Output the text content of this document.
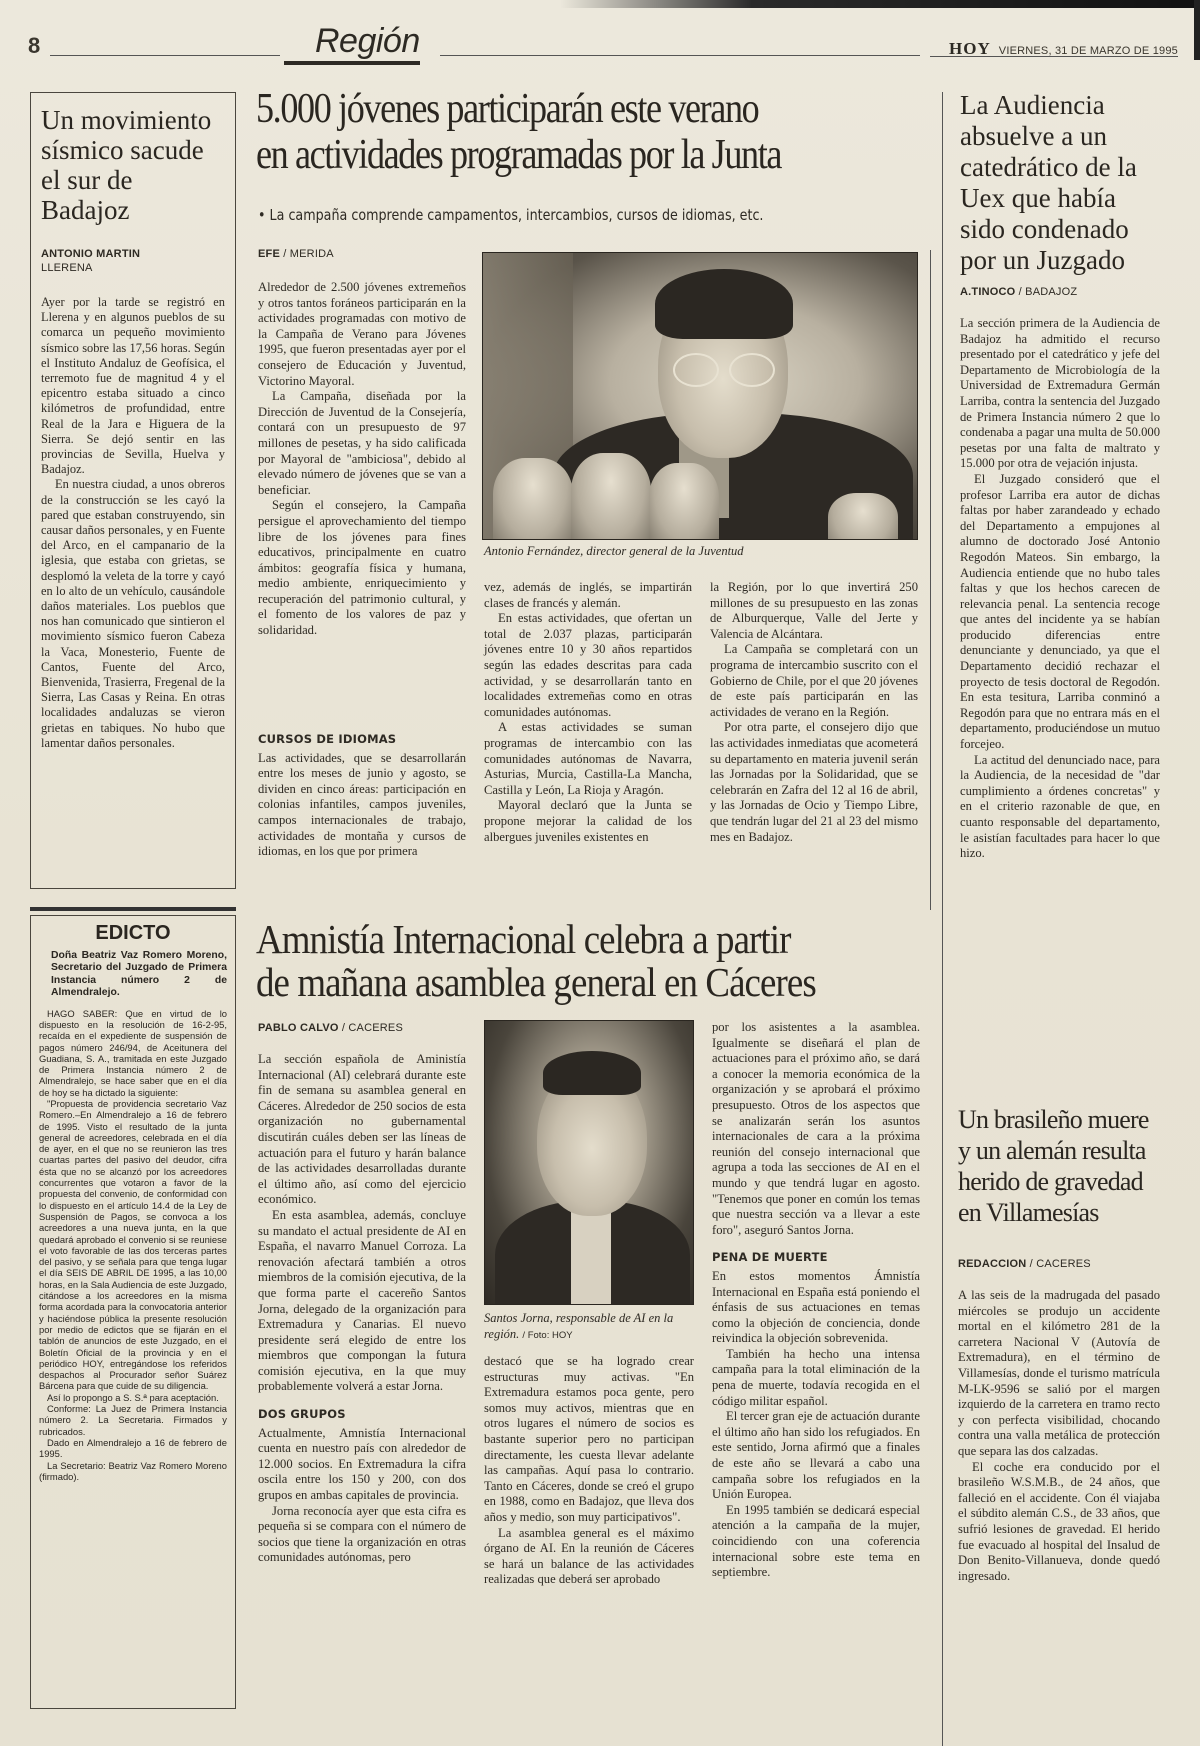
8	Región	HOY VIERNES, 31 DE MARZO DE 1995
Un movimiento sísmico sacude el sur de Badajoz
ANTONIO MARTIN
LLERENA

Ayer por la tarde se registró en Llerena y en algunos pueblos de su comarca un pequeño movimiento sísmico sobre las 17,56 horas. Según el Instituto Andaluz de Geofísica, el terremoto fue de magnitud 4 y el epicentro estaba situado a cinco kilómetros de profundidad, entre Real de la Jara e Higuera de la Sierra. Se dejó sentir en las provincias de Sevilla, Huelva y Badajoz.

En nuestra ciudad, a unos obreros de la construcción se les cayó la pared que estaban construyendo, sin causar daños personales, y en Fuente del Arco, en el campanario de la iglesia, que estaba con grietas, se desplomó la veleta de la torre y cayó en lo alto de un vehículo, causándole daños materiales. Los pueblos que nos han comunicado que sintieron el movimiento sísmico fueron Cabeza la Vaca, Monesterio, Fuente de Cantos, Fuente del Arco, Bienvenida, Trasierra, Fregenal de la Sierra, Las Casas y Reina. En otras localidades andaluzas se vieron grietas en tabiques. No hubo que lamentar daños personales.

EDICTO
Doña Beatriz Vaz Romero Moreno, Secretario del Juzgado de Primera Instancia número 2 de Almendralejo.

HAGO SABER: Que en virtud de lo dispuesto en la resolución de 16-2-95, recaída en el expediente de suspensión de pagos número 246/94, de Aceitunera del Guadiana, S. A., tramitada en este Juzgado de Primera Instancia número 2 de Almendralejo, se hace saber que en el día de hoy se ha dictado la siguiente:

"Propuesta de providencia secretario Vaz Romero.–En Almendralejo a 16 de febrero de 1995. Visto el resultado de la junta general de acreedores, celebrada en el día de ayer, en el que no se reunieron las tres cuartas partes del pasivo del deudor, cifra ésta que no se alcanzó por los acreedores concurrentes que votaron a favor de la propuesta del convenio, de conformidad con lo dispuesto en el artículo 14.4 de la Ley de Suspensión de Pagos, se convoca a los acreedores a una nueva junta, en la que quedará aprobado el convenio si se reuniese el voto favorable de las dos terceras partes del pasivo, y se señala para que tenga lugar el día SEIS DE ABRIL DE 1995, a las 10,00 horas, en la Sala Audiencia de este Juzgado, citándose a los acreedores en la misma forma acordada para la convocatoria anterior y haciéndose pública la presente resolución por medio de edictos que se fijarán en el tablón de anuncios de este Juzgado, en el Boletín Oficial de la provincia y en el periódico HOY, entregándose los referidos despachos al Procurador señor Suárez Bárcena para que cuide de su diligencia.

Así lo propongo a S. S.ª para aceptación.

Conforme: La Juez de Primera Instancia número 2. La Secretaria. Firmados y rubricados.

Dado en Almendralejo a 16 de febrero de 1995.

La Secretario: Beatriz Vaz Romero Moreno (firmado).

5.000 jóvenes participarán este verano
en actividades programadas por la Junta
• La campaña comprende campamentos, intercambios, cursos de idiomas, etc.
EFE / MERIDA

Alrededor de 2.500 jóvenes extremeños y otros tantos foráneos participarán en la actividades programadas con motivo de la Campaña de Verano para Jóvenes 1995, que fueron presentadas ayer por el consejero de Educación y Juventud, Victorino Mayoral.

La Campaña, diseñada por la Dirección de Juventud de la Consejería, contará con un presupuesto de 97 millones de pesetas, y ha sido calificada por Mayoral de "ambiciosa", debido al elevado número de jóvenes que se van a beneficiar.

Según el consejero, la Campaña persigue el aprovechamiento del tiempo libre de los jóvenes para fines educativos, principalmente en cuatro ámbitos: geografía física y humana, medio ambiente, enriquecimiento y recuperación del patrimonio cultural, y el fomento de los valores de paz y solidaridad.

CURSOS DE IDIOMAS

Las actividades, que se desarrollarán entre los meses de junio y agosto, se dividen en cinco áreas: participación en colonias infantiles, campos juveniles, campos internacionales de trabajo, actividades de montaña y cursos de idiomas, en los que por primera

Antonio Fernández, director general de la Juventud

vez, además de inglés, se impartirán clases de francés y alemán.

En estas actividades, que ofertan un total de 2.037 plazas, participarán jóvenes entre 10 y 30 años repartidos según las edades descritas para cada actividad, y se desarrollarán tanto en localidades extremeñas como en otras comunidades autónomas.

A estas actividades se suman programas de intercambio con las comunidades autónomas de Navarra, Asturias, Murcia, Castilla-La Mancha, Castilla y León, La Rioja y Aragón.

Mayoral declaró que la Junta se propone mejorar la calidad de los albergues juveniles existentes en

la Región, por lo que invertirá 250 millones de su presupuesto en las zonas de Alburquerque, Valle del Jerte y Valencia de Alcántara.

La Campaña se completará con un programa de intercambio suscrito con el Gobierno de Chile, por el que 20 jóvenes de este país participarán en las actividades de verano en la Región.

Por otra parte, el consejero dijo que las actividades inmediatas que acometerá su departamento en materia juvenil serán las Jornadas por la Solidaridad, que se celebrarán en Zafra del 12 al 16 de abril, y las Jornadas de Ocio y Tiempo Libre, que tendrán lugar del 21 al 23 del mismo mes en Badajoz.

Amnistía Internacional celebra a partir
de mañana asamblea general en Cáceres
PABLO CALVO / CACERES

La sección española de Aministía Internacional (AI) celebrará durante este fin de semana su asamblea general en Cáceres. Alrededor de 250 socios de esta organización no gubernamental discutirán cuáles deben ser las líneas de actuación para el futuro y harán balance de las actividades desarrolladas durante el último año, así como del ejercicio económico.

En esta asamblea, además, concluye su mandato el actual presidente de AI en España, el navarro Manuel Corroza. La renovación afectará también a otros miembros de la comisión ejecutiva, de la que forma parte el cacereño Santos Jorna, delegado de la organización para Extremadura y Canarias. El nuevo presidente será elegido de entre los miembros que compongan la futura comisión ejecutiva, en la que muy probablemente volverá a estar Jorna.

DOS GRUPOS

Actualmente, Amnistía Internacional cuenta en nuestro país con alrededor de 12.000 socios. En Extremadura la cifra oscila entre los 150 y 200, con dos grupos en ambas capitales de provincia.

Jorna reconocía ayer que esta cifra es pequeña si se compara con el número de socios que tiene la organización en otras comunidades autónomas, pero

Santos Jorna, responsable de AI en la región. / Foto: HOY

destacó que se ha logrado crear estructuras muy activas. "En Extremadura estamos poca gente, pero somos muy activos, mientras que en otros lugares el número de socios es bastante superior pero no participan directamente, les cuesta llevar adelante las campañas. Aquí pasa lo contrario. Tanto en Cáceres, donde se creó el grupo en 1988, como en Badajoz, que lleva dos años y medio, son muy participativos".

La asamblea general es el máximo órgano de AI. En la reunión de Cáceres se hará un balance de las actividades realizadas que deberá ser aprobado

por los asistentes a la asamblea. Igualmente se diseñará el plan de actuaciones para el próximo año, se dará a conocer la memoria económica de la organización y se aprobará el próximo presupuesto. Otros de los aspectos que se analizarán serán los asuntos internacionales de cara a la próxima reunión del consejo internacional que agrupa a toda las secciones de AI en el mundo y que tendrá lugar en agosto. "Tenemos que poner en común los temas que nuestra sección va a llevar a este foro", aseguró Santos Jorna.

PENA DE MUERTE

En estos momentos Ámnistía Internacional en España está poniendo el énfasis de sus actuaciones en temas como la objeción de conciencia, donde reivindica la objeción sobrevenida.

También ha hecho una intensa campaña para la total eliminación de la pena de muerte, todavía recogida en el código militar español.

El tercer gran eje de actuación durante el último año han sido los refugiados. En este sentido, Jorna afirmó que a finales de este año se llevará a cabo una campaña sobre los refugiados en la Unión Europea.

En 1995 también se dedicará especial atención a la campaña de la mujer, coincidiendo con una coferencia internacional sobre este tema en septiembre.

La Audiencia absuelve a un catedrático de la Uex que había sido condenado por un Juzgado
A.TINOCO / BADAJOZ

La sección primera de la Audiencia de Badajoz ha admitido el recurso presentado por el catedrático y jefe del Departamento de Microbiología de la Universidad de Extremadura Germán Larriba, contra la sentencia del Juzgado de Primera Instancia número 2 que lo condenaba a pagar una multa de 50.000 pesetas por una falta de maltrato y 15.000 por otra de vejación injusta.

El Juzgado consideró que el profesor Larriba era autor de dichas faltas por haber zarandeado y echado del Departamento a empujones al alumno de doctorado José Antonio Regodón Mateos. Sin embargo, la Audiencia entiende que no hubo tales faltas y que los hechos carecen de relevancia penal. La sentencia recoge que antes del incidente ya se habían producido diferencias entre denunciante y denunciado, ya que el Departamento decidió rechazar el proyecto de tesis doctoral de Regodón. En esta tesitura, Larriba conminó a Regodón para que no entrara más en el departamento, produciéndose un mutuo forcejeo.

La actitud del denunciado nace, para la Audiencia, de la necesidad de "dar cumplimiento a órdenes concretas" y en el criterio razonable de que, en cuanto responsable del departamento, le asistían facultades para hacer lo que hizo.

Un brasileño muere y un alemán resulta herido de gravedad en Villamesías
REDACCION / CACERES

A las seis de la madrugada del pasado miércoles se produjo un accidente mortal en el kilómetro 281 de la carretera Nacional V (Autovía de Extremadura), en el término de Villamesías, donde el turismo matrícula M-LK-9596 se salió por el margen izquierdo de la carretera en tramo recto y con perfecta visibilidad, chocando contra una valla metálica de protección que separa las dos calzadas.

El coche era conducido por el brasileño W.S.M.B., de 24 años, que falleció en el accidente. Con él viajaba el súbdito alemán C.S., de 33 años, que sufrió lesiones de gravedad. El herido fue evacuado al hospital del Insalud de Don Benito-Villanueva, donde quedó ingresado.
